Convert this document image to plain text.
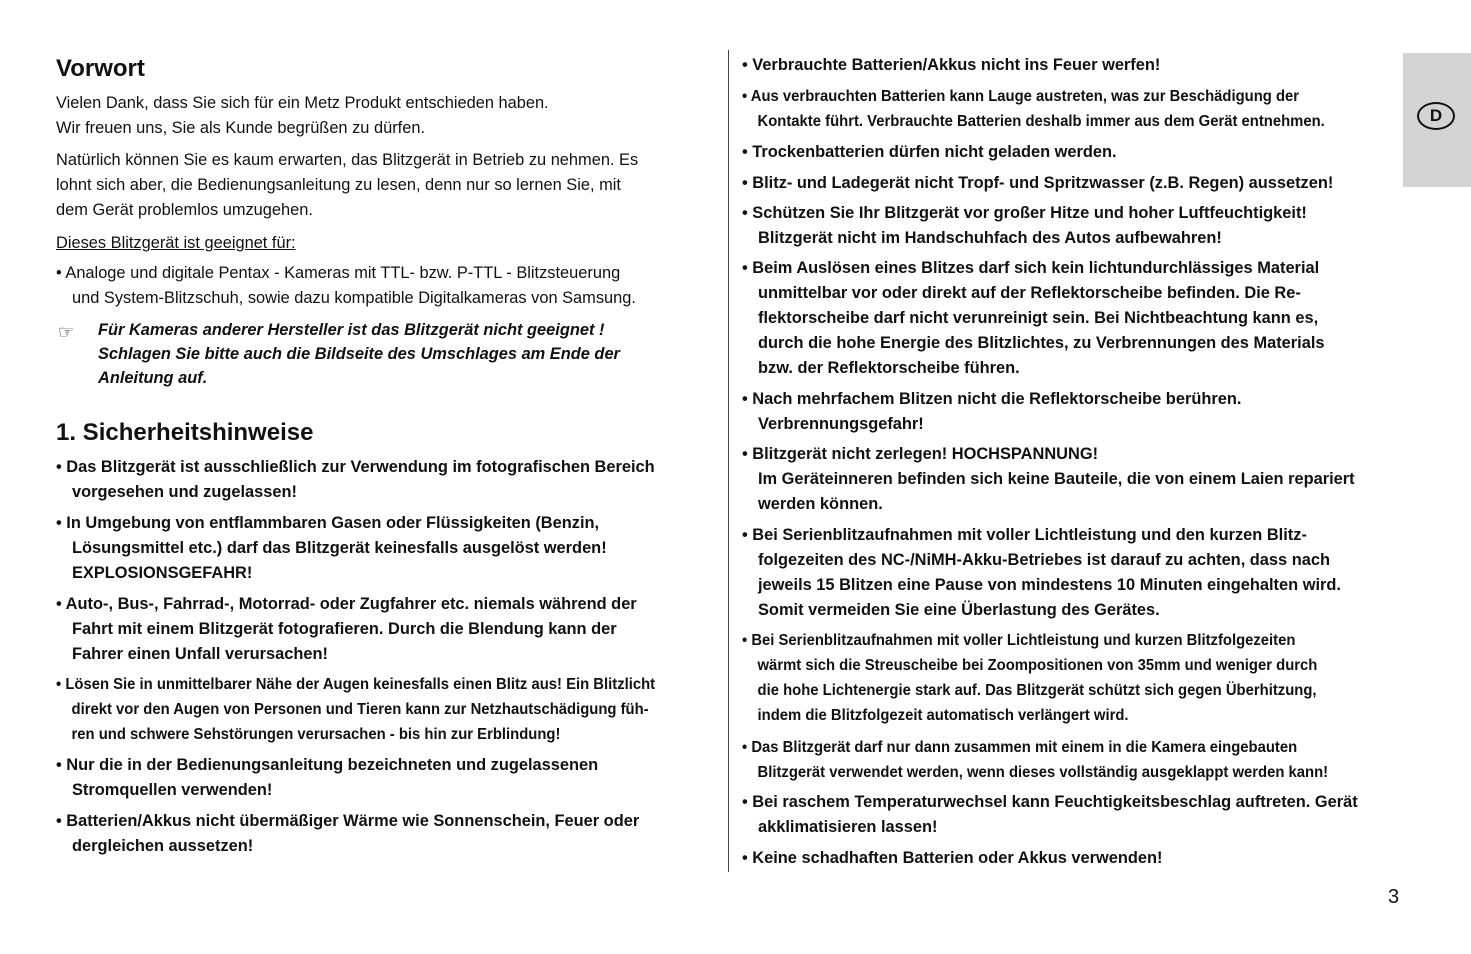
Vorwort
Vielen Dank, dass Sie sich für ein Metz Produkt entschieden haben.
Wir freuen uns, Sie als Kunde begrüßen zu dürfen.
Natürlich können Sie es kaum erwarten, das Blitzgerät in Betrieb zu nehmen. Es
lohnt sich aber, die Bedienungsanleitung zu lesen, denn nur so lernen Sie, mit
dem Gerät problemlos umzugehen.
Dieses Blitzgerät ist geeignet für:
• Analoge und digitale Pentax - Kameras mit TTL- bzw. P-TTL - Blitzsteuerung
und System-Blitzschuh, sowie dazu kompatible Digitalkameras von Samsung.
☞	Für Kameras anderer Hersteller ist das Blitzgerät nicht geeignet !
Schlagen Sie bitte auch die Bildseite des Umschlages am Ende der
Anleitung auf.
1. Sicherheitshinweise
• Das Blitzgerät ist ausschließlich zur Verwendung im fotografischen Bereich
vorgesehen und zugelassen!
• In Umgebung von entflammbaren Gasen oder Flüssigkeiten (Benzin,
Lösungsmittel etc.) darf das Blitzgerät keinesfalls ausgelöst werden!
EXPLOSIONSGEFAHR!
• Auto-, Bus-, Fahrrad-, Motorrad- oder Zugfahrer etc. niemals während der
Fahrt mit einem Blitzgerät fotografieren. Durch die Blendung kann der
Fahrer einen Unfall verursachen!
• Lösen Sie in unmittelbarer Nähe der Augen keinesfalls einen Blitz aus! Ein Blitzlicht
direkt vor den Augen von Personen und Tieren kann zur Netzhautschädigung füh-
ren und schwere Sehstörungen verursachen - bis hin zur Erblindung!
• Nur die in der Bedienungsanleitung bezeichneten und zugelassenen
Stromquellen verwenden!
• Batterien/Akkus nicht übermäßiger Wärme wie Sonnenschein, Feuer oder
dergleichen aussetzen!
• Verbrauchte Batterien/Akkus nicht ins Feuer werfen!
• Aus verbrauchten Batterien kann Lauge austreten, was zur Beschädigung der
Kontakte führt. Verbrauchte Batterien deshalb immer aus dem Gerät entnehmen.
• Trockenbatterien dürfen nicht geladen werden.
• Blitz- und Ladegerät nicht Tropf- und Spritzwasser (z.B. Regen) aussetzen!
• Schützen Sie Ihr Blitzgerät vor großer Hitze und hoher Luftfeuchtigkeit!
Blitzgerät nicht im Handschuhfach des Autos aufbewahren!
• Beim Auslösen eines Blitzes darf sich kein lichtundurchlässiges Material
unmittelbar vor oder direkt auf der Reflektorscheibe befinden. Die Re-
flektorscheibe darf nicht verunreinigt sein. Bei Nichtbeachtung kann es,
durch die hohe Energie des Blitzlichtes, zu Verbrennungen des Materials
bzw. der Reflektorscheibe führen.
• Nach mehrfachem Blitzen nicht die Reflektorscheibe berühren.
Verbrennungsgefahr!
• Blitzgerät nicht zerlegen! HOCHSPANNUNG!
Im Geräteinneren befinden sich keine Bauteile, die von einem Laien repariert
werden können.
• Bei Serienblitzaufnahmen mit voller Lichtleistung und den kurzen Blitz-
folgezeiten des NC-/NiMH-Akku-Betriebes ist darauf zu achten, dass nach
jeweils 15 Blitzen eine Pause von mindestens 10 Minuten eingehalten wird.
Somit vermeiden Sie eine Überlastung des Gerätes.
• Bei Serienblitzaufnahmen mit voller Lichtleistung und kurzen Blitzfolgezeiten
wärmt sich die Streuscheibe bei Zoompositionen von 35mm und weniger durch
die hohe Lichtenergie stark auf. Das Blitzgerät schützt sich gegen Überhitzung,
indem die Blitzfolgezeit automatisch verlängert wird.
• Das Blitzgerät darf nur dann zusammen mit einem in die Kamera eingebauten
Blitzgerät verwendet werden, wenn dieses vollständig ausgeklappt werden kann!
• Bei raschem Temperaturwechsel kann Feuchtigkeitsbeschlag auftreten. Gerät
akklimatisieren lassen!
• Keine schadhaften Batterien oder Akkus verwenden!
D
3
